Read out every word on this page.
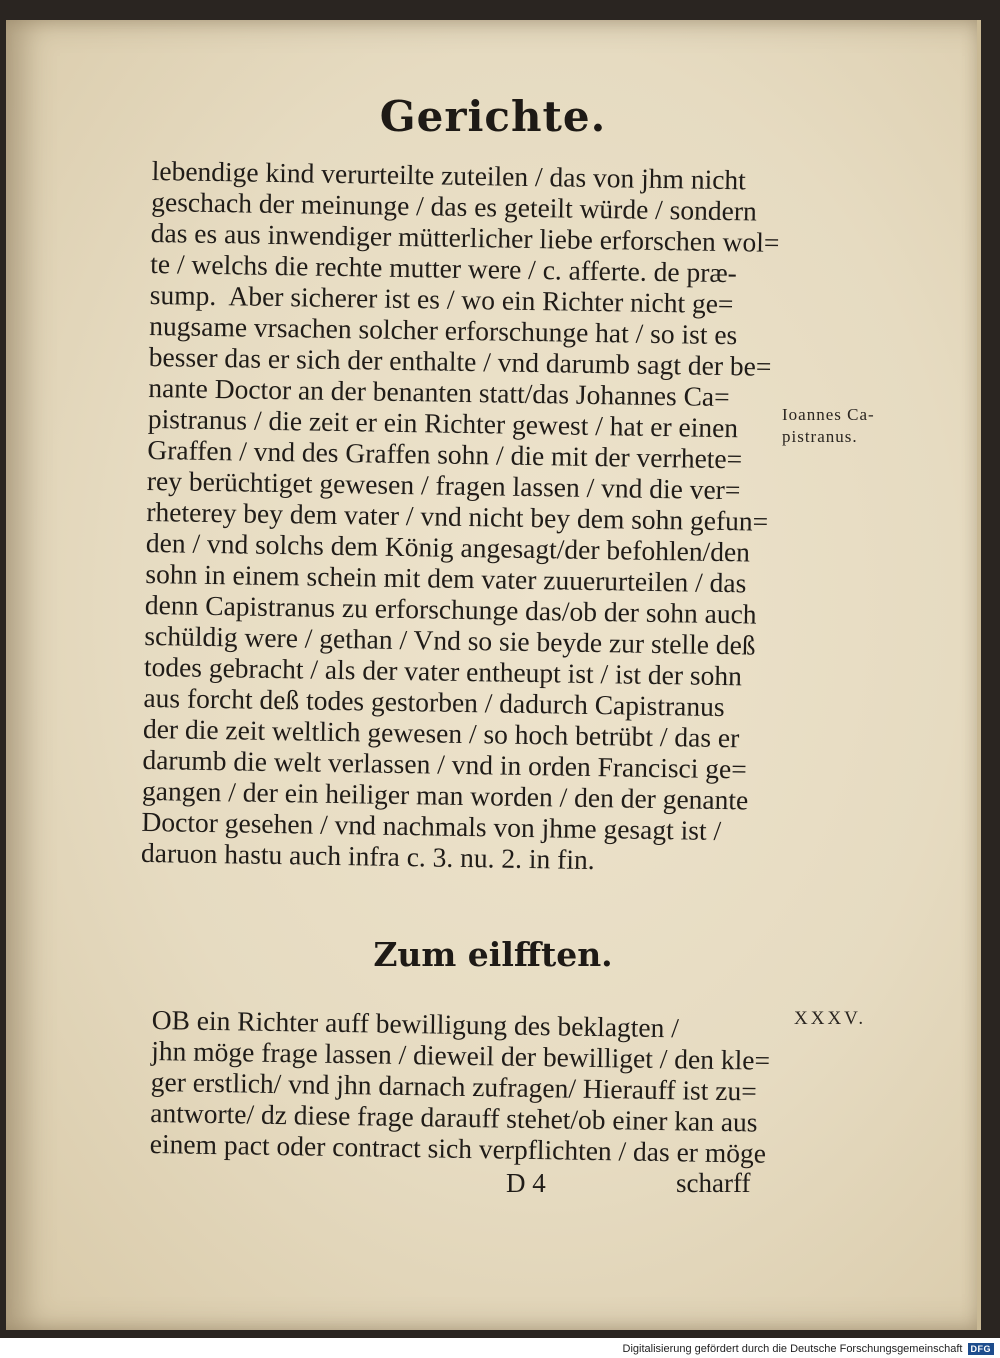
Gerichte.
lebendige kind verurteilte zuteilen / das von jhm nicht
geschach der meinunge / das es geteilt würde / sondern
das es aus inwendiger mütterlicher liebe erforschen wol=
te / welchs die rechte mutter were / c. afferte. de præ-
sump.  Aber sicherer ist es / wo ein Richter nicht ge=
nugsame vrsachen solcher erforschunge hat / so ist es
besser das er sich der enthalte / vnd darumb sagt der be=
nante Doctor an der benanten statt/das Johannes Ca=
pistranus / die zeit er ein Richter gewest / hat er einen
Graffen / vnd des Graffen sohn / die mit der verrhete=
rey berüchtiget gewesen / fragen lassen / vnd die ver=
rheterey bey dem vater / vnd nicht bey dem sohn gefun=
den / vnd solchs dem König angesagt/der befohlen/den
sohn in einem schein mit dem vater zuuerurteilen / das
denn Capistranus zu erforschunge das/ob der sohn auch
schüldig were / gethan / Vnd so sie beyde zur stelle deß
todes gebracht / als der vater entheupt ist / ist der sohn
aus forcht deß todes gestorben / dadurch Capistranus
der die zeit weltlich gewesen / so hoch betrübt / das er
darumb die welt verlassen / vnd in orden Francisci ge=
gangen / der ein heiliger man worden / den der genante
Doctor gesehen / vnd nachmals von jhme gesagt ist /
daruon hastu auch infra c. 3. nu. 2. in fin.
Ioannes Ca-
pistranus.
Zum eilfften.
OB ein Richter auff bewilligung des beklagten /
jhn möge frage lassen / dieweil der bewilliget / den kle=
ger erstlich/ vnd jhn darnach zufragen/ Hierauff ist zu=
antworte/ dz diese frage darauff stehet/ob einer kan aus
einem pact oder contract sich verpflichten / das er möge
XXXV.
D 4	scharff
Digitalisierung gefördert durch die Deutsche Forschungsgemeinschaft DFG
